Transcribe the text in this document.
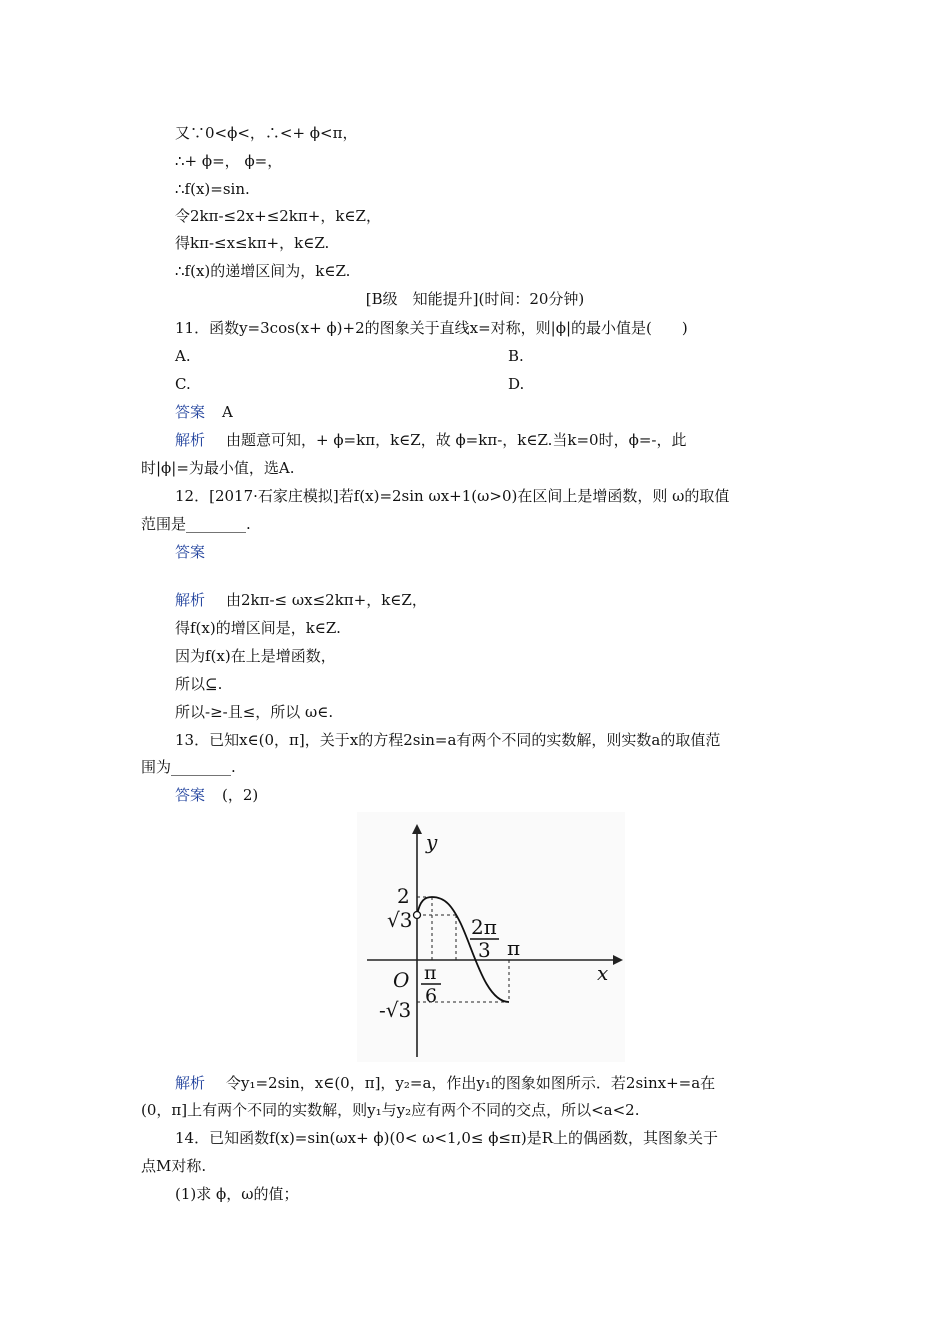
又∵0<ϕ<，∴<+ ϕ<π，
∴+ ϕ=， ϕ=，
∴f(x)=sin.
令2kπ-≤2x+≤2kπ+，k∈Z，
得kπ-≤x≤kπ+，k∈Z.
∴f(x)的递增区间为，k∈Z.
[B级　知能提升](时间：20分钟)
11．函数y=3cos(x+ ϕ)+2的图象关于直线x=对称，则|ϕ|的最小值是(　　)
A.	B.
C.	D.
答案 A
解析 由题意可知，+ ϕ=kπ，k∈Z，故 ϕ=kπ-，k∈Z.当k=0时，ϕ=-，此
时|ϕ|=为最小值，选A.
12．[2017·石家庄模拟]若f(x)=2sin ωx+1(ω>0)在区间上是增函数，则 ω的取值
范围是________.
答案
解析 由2kπ-≤ ωx≤2kπ+，k∈Z，
得f(x)的增区间是，k∈Z.
因为f(x)在上是增函数，
所以⊆.
所以-≥-且≤，所以 ω∈.
13．已知x∈(0，π]，关于x的方程2sin=a有两个不同的实数解，则实数a的取值范
围为________.
答案 (，2)
y
x
O
2
√3
-√3
2π
3 π
π
6
解析 令y₁=2sin，x∈(0，π]，y₂=a，作出y₁的图象如图所示．若2sinx+=a在
(0，π]上有两个不同的实数解，则y₁与y₂应有两个不同的交点，所以<a<2.
14．已知函数f(x)=sin(ωx+ ϕ)(0< ω<1,0≤ ϕ≤π)是R上的偶函数，其图象关于
点M对称.
(1)求 ϕ，ω的值；
